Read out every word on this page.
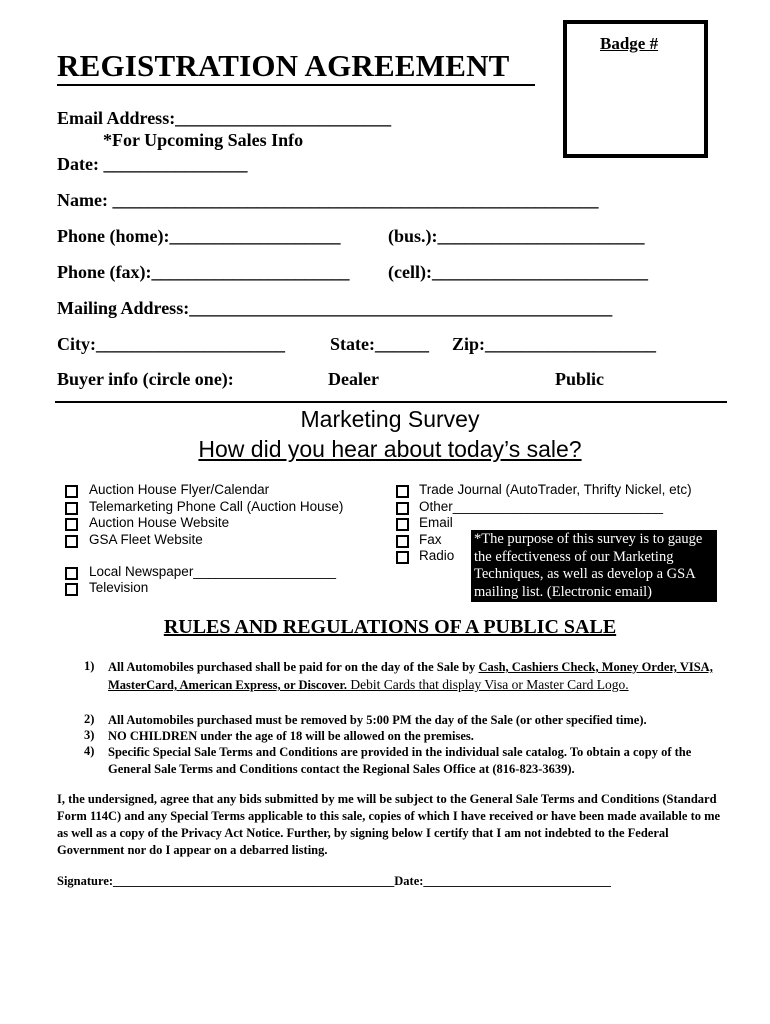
REGISTRATION AGREEMENT
Badge #
Email Address:________________________
*For Upcoming Sales Info
Date: ________________
Name: ______________________________________________________
Phone (home):___________________	(bus.):_______________________
Phone (fax):______________________ (cell):________________________
Mailing Address:_______________________________________________
City:_____________________	State:______ Zip:___________________
Buyer info (circle one):	Dealer	Public
Marketing Survey
How did you hear about today’s sale?
Auction House Flyer/Calendar
Telemarketing Phone Call (Auction House)
Auction House Website
GSA Fleet Website
Local Newspaper___________________
Television
Trade Journal (AutoTrader, Thrifty Nickel, etc)
Other____________________________
Email
Fax
Radio
*The purpose of this survey is to gauge the effectiveness of our Marketing Techniques, as well as develop a GSA mailing list. (Electronic email)
RULES AND REGULATIONS OF A PUBLIC SALE
1) All Automobiles purchased shall be paid for on the day of the Sale by Cash, Cashiers Check, Money Order, VISA, MasterCard, American Express, or Discover. Debit Cards that display Visa or Master Card Logo.
2) All Automobiles purchased must be removed by 5:00 PM the day of the Sale (or other specified time).
3) NO CHILDREN under the age of 18 will be allowed on the premises.
4) Specific Special Sale Terms and Conditions are provided in the individual sale catalog. To obtain a copy of the General Sale Terms and Conditions contact the Regional Sales Office at (816-823-3639).
I, the undersigned, agree that any bids submitted by me will be subject to the General Sale Terms and Conditions (Standard Form 114C) and any Special Terms applicable to this sale, copies of which I have received or have been made available to me as well as a copy of the Privacy Act Notice. Further, by signing below I certify that I am not indebted to the Federal Government nor do I appear on a debarred listing.
Signature:_____________________________________________Date:______________________________
